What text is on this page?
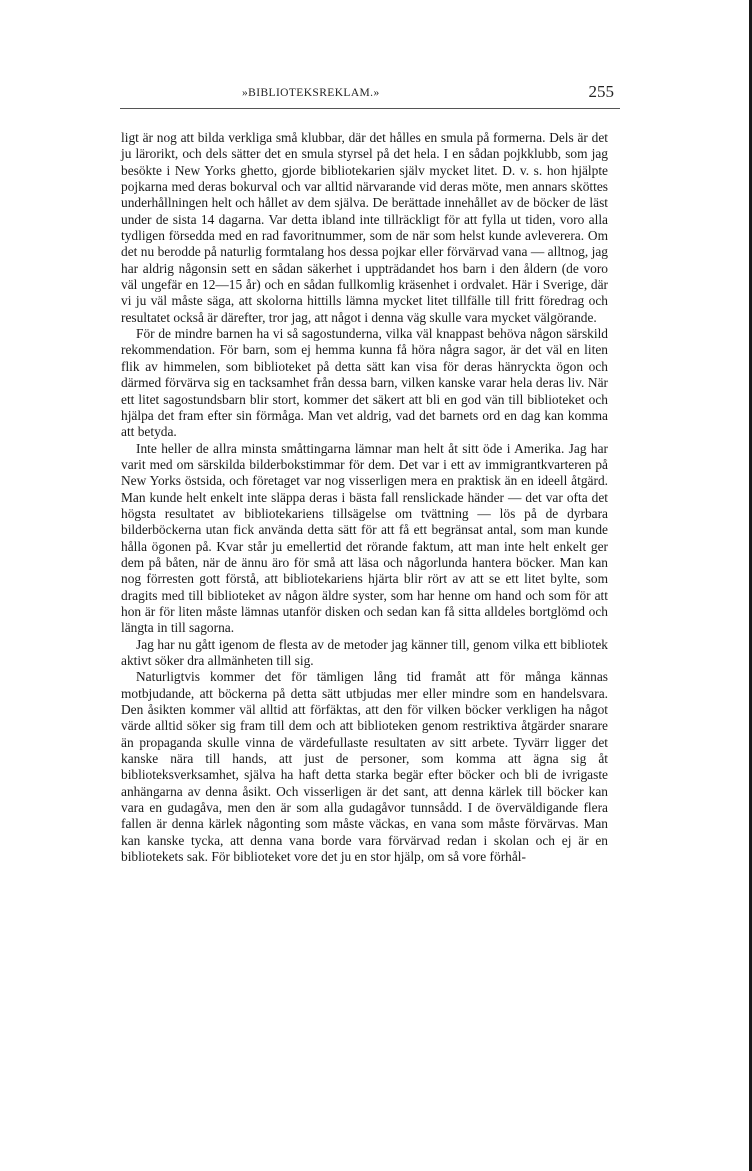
»BIBLIOTEKSREKLAM.»	255

ligt är nog att bilda verkliga små klubbar, där det hålles en smula på formerna. Dels är det ju lärorikt, och dels sätter det en smula styrsel på det hela. I en sådan pojkklubb, som jag besökte i New Yorks ghetto, gjorde bibliotekarien själv mycket litet. D. v. s. hon hjälpte pojkarna med deras bokurval och var alltid närvarande vid deras möte, men annars sköttes underhållningen helt och hållet av dem själva. De berättade innehållet av de böcker de läst under de sista 14 dagarna. Var detta ibland inte tillräckligt för att fylla ut tiden, voro alla tydligen försedda med en rad favoritnummer, som de när som helst kunde avleverera. Om det nu berodde på naturlig formtalang hos dessa pojkar eller förvärvad vana — alltnog, jag har aldrig någonsin sett en sådan säkerhet i uppträdandet hos barn i den åldern (de voro väl ungefär en 12—15 år) och en sådan fullkomlig kräsenhet i ordvalet. Här i Sverige, där vi ju väl måste säga, att skolorna hittills lämna mycket litet tillfälle till fritt föredrag och resultatet också är därefter, tror jag, att något i denna väg skulle vara mycket välgörande.

För de mindre barnen ha vi så sagostunderna, vilka väl knappast behöva någon särskild rekommendation. För barn, som ej hemma kunna få höra några sagor, är det väl en liten flik av himmelen, som biblioteket på detta sätt kan visa för deras hänryckta ögon och därmed förvärva sig en tacksamhet från dessa barn, vilken kanske varar hela deras liv. När ett litet sagostundsbarn blir stort, kommer det säkert att bli en god vän till biblioteket och hjälpa det fram efter sin förmåga. Man vet aldrig, vad det barnets ord en dag kan komma att betyda.

Inte heller de allra minsta småttingarna lämnar man helt åt sitt öde i Amerika. Jag har varit med om särskilda bilderbokstimmar för dem. Det var i ett av immigrantkvarteren på New Yorks östsida, och företaget var nog visserligen mera en praktisk än en ideell åtgärd. Man kunde helt enkelt inte släppa deras i bästa fall renslickade händer — det var ofta det högsta resultatet av bibliotekariens tillsägelse om tvättning — lös på de dyrbara bilderböckerna utan fick använda detta sätt för att få ett begränsat antal, som man kunde hålla ögonen på. Kvar står ju emellertid det rörande faktum, att man inte helt enkelt ger dem på båten, när de ännu äro för små att läsa och någorlunda hantera böcker. Man kan nog förresten gott förstå, att bibliotekariens hjärta blir rört av att se ett litet bylte, som dragits med till biblioteket av någon äldre syster, som har henne om hand och som för att hon är för liten måste lämnas utanför disken och sedan kan få sitta alldeles bortglömd och längta in till sagorna.

Jag har nu gått igenom de flesta av de metoder jag känner till, genom vilka ett bibliotek aktivt söker dra allmänheten till sig.

Naturligtvis kommer det för tämligen lång tid framåt att för många kännas motbjudande, att böckerna på detta sätt utbjudas mer eller mindre som en handelsvara. Den åsikten kommer väl alltid att förfäktas, att den för vilken böcker verkligen ha något värde alltid söker sig fram till dem och att biblioteken genom restriktiva åtgärder snarare än propaganda skulle vinna de värdefullaste resultaten av sitt arbete. Tyvärr ligger det kanske nära till hands, att just de personer, som komma att ägna sig åt biblioteksverksamhet, själva ha haft detta starka begär efter böcker och bli de ivrigaste anhängarna av denna åsikt. Och visserligen är det sant, att denna kärlek till böcker kan vara en gudagåva, men den är som alla gudagåvor tunnsådd. I de överväldigande flera fallen är denna kärlek någonting som måste väckas, en vana som måste förvärvas. Man kan kanske tycka, att denna vana borde vara förvärvad redan i skolan och ej är en bibliotekets sak. För biblioteket vore det ju en stor hjälp, om så vore förhål-
